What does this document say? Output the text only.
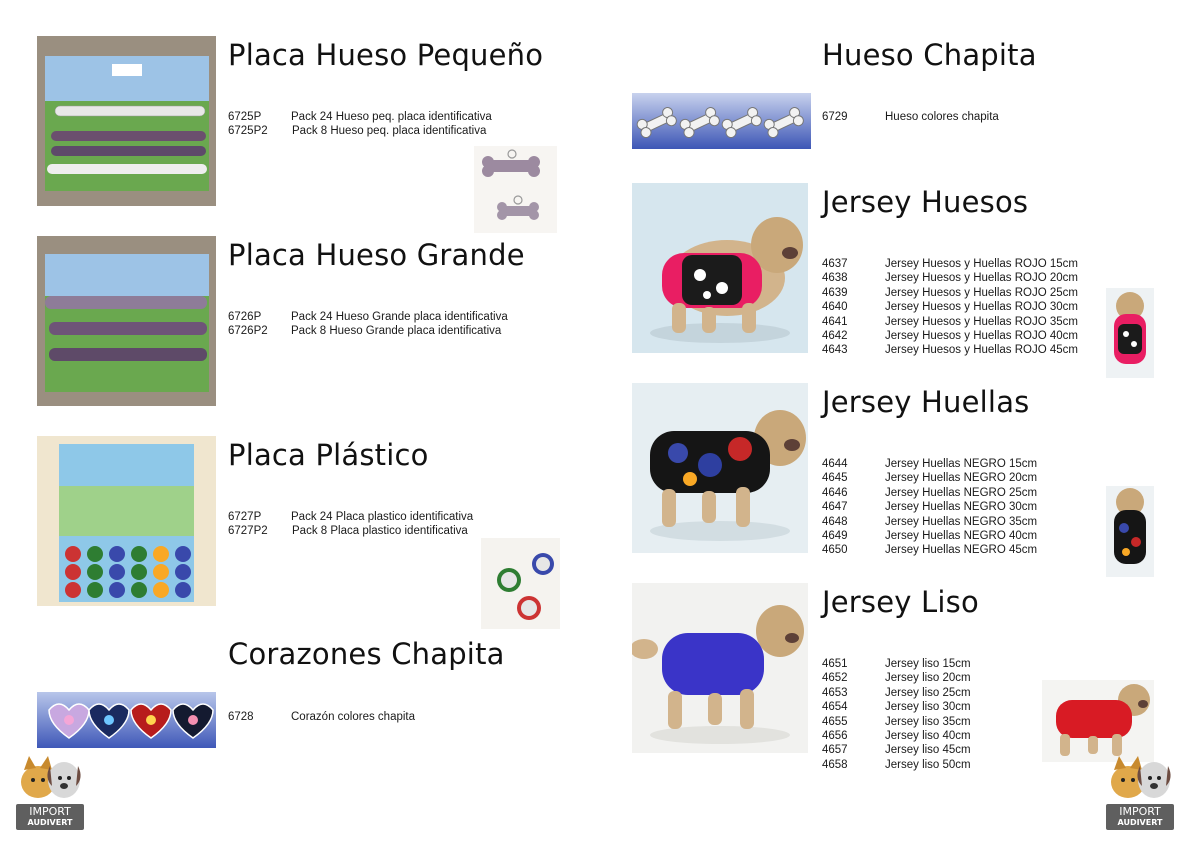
Placa Hueso Pequeño
6725P	Pack 24 Hueso peq. placa identificativa
6725P2 Pack 8 Hueso peq. placa identificativa
Placa Hueso Grande
6726P	Pack 24 Hueso Grande placa identificativa
6726P2 Pack 8 Hueso Grande placa identificativa
Placa Plástico
6727P	Pack 24 Placa plastico identificativa
6727P2 Pack 8 Placa plastico identificativa
Corazones Chapita
6728	Corazón colores chapita
IMPORT
AUDIVERT
Hueso Chapita
6729	Hueso colores chapita
Jersey Huesos
4637	Jersey Huesos y Huellas ROJO 15cm
4638	Jersey Huesos y Huellas ROJO 20cm
4639	Jersey Huesos y Huellas ROJO 25cm
4640	Jersey Huesos y Huellas ROJO 30cm
4641	Jersey Huesos y Huellas ROJO 35cm
4642	Jersey Huesos y Huellas ROJO 40cm
4643	Jersey Huesos y Huellas ROJO 45cm
Jersey Huellas
4644	Jersey Huellas NEGRO 15cm
4645	Jersey Huellas NEGRO 20cm
4646	Jersey Huellas NEGRO 25cm
4647	Jersey Huellas NEGRO 30cm
4648	Jersey Huellas NEGRO 35cm
4649	Jersey Huellas NEGRO 40cm
4650	Jersey Huellas NEGRO 45cm
Jersey Liso
4651	Jersey liso 15cm
4652	Jersey liso 20cm
4653	Jersey liso 25cm
4654	Jersey liso 30cm
4655	Jersey liso 35cm
4656	Jersey liso 40cm
4657	Jersey liso 45cm
4658	Jersey liso 50cm
IMPORT
AUDIVERT
